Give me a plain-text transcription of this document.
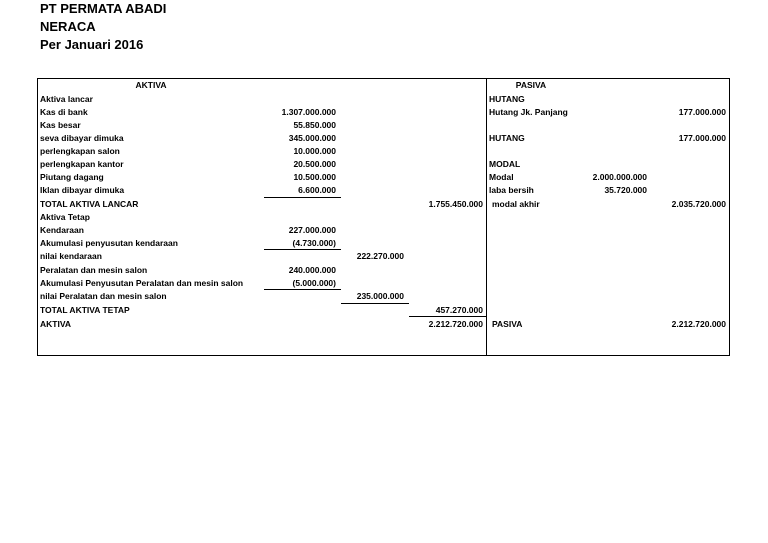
PT PERMATA ABADI
NERACA
Per Januari 2016
AKTIVA
Aktiva lancar
Kas di bank	1.307.000.000
Kas besar	55.850.000
seva dibayar dimuka	345.000.000
perlengkapan salon	10.000.000
perlengkapan kantor	20.500.000
Piutang dagang	10.500.000
Iklan dibayar dimuka	6.600.000
TOTAL AKTIVA LANCAR	1.755.450.000
Aktiva Tetap
Kendaraan	227.000.000
Akumulasi penyusutan kendaraan	(4.730.000)
nilai kendaraan	222.270.000
Peralatan dan mesin salon	240.000.000
Akumulasi Penyusutan Peralatan dan mesin salon	(5.000.000)
nilai Peralatan dan mesin salon	235.000.000
TOTAL AKTIVA TETAP	457.270.000
AKTIVA	2.212.720.000
PASIVA
HUTANG
Hutang Jk. Panjang	177.000.000
HUTANG	177.000.000
MODAL
Modal	2.000.000.000
laba bersih	35.720.000
modal akhir	2.035.720.000
PASIVA	2.212.720.000
